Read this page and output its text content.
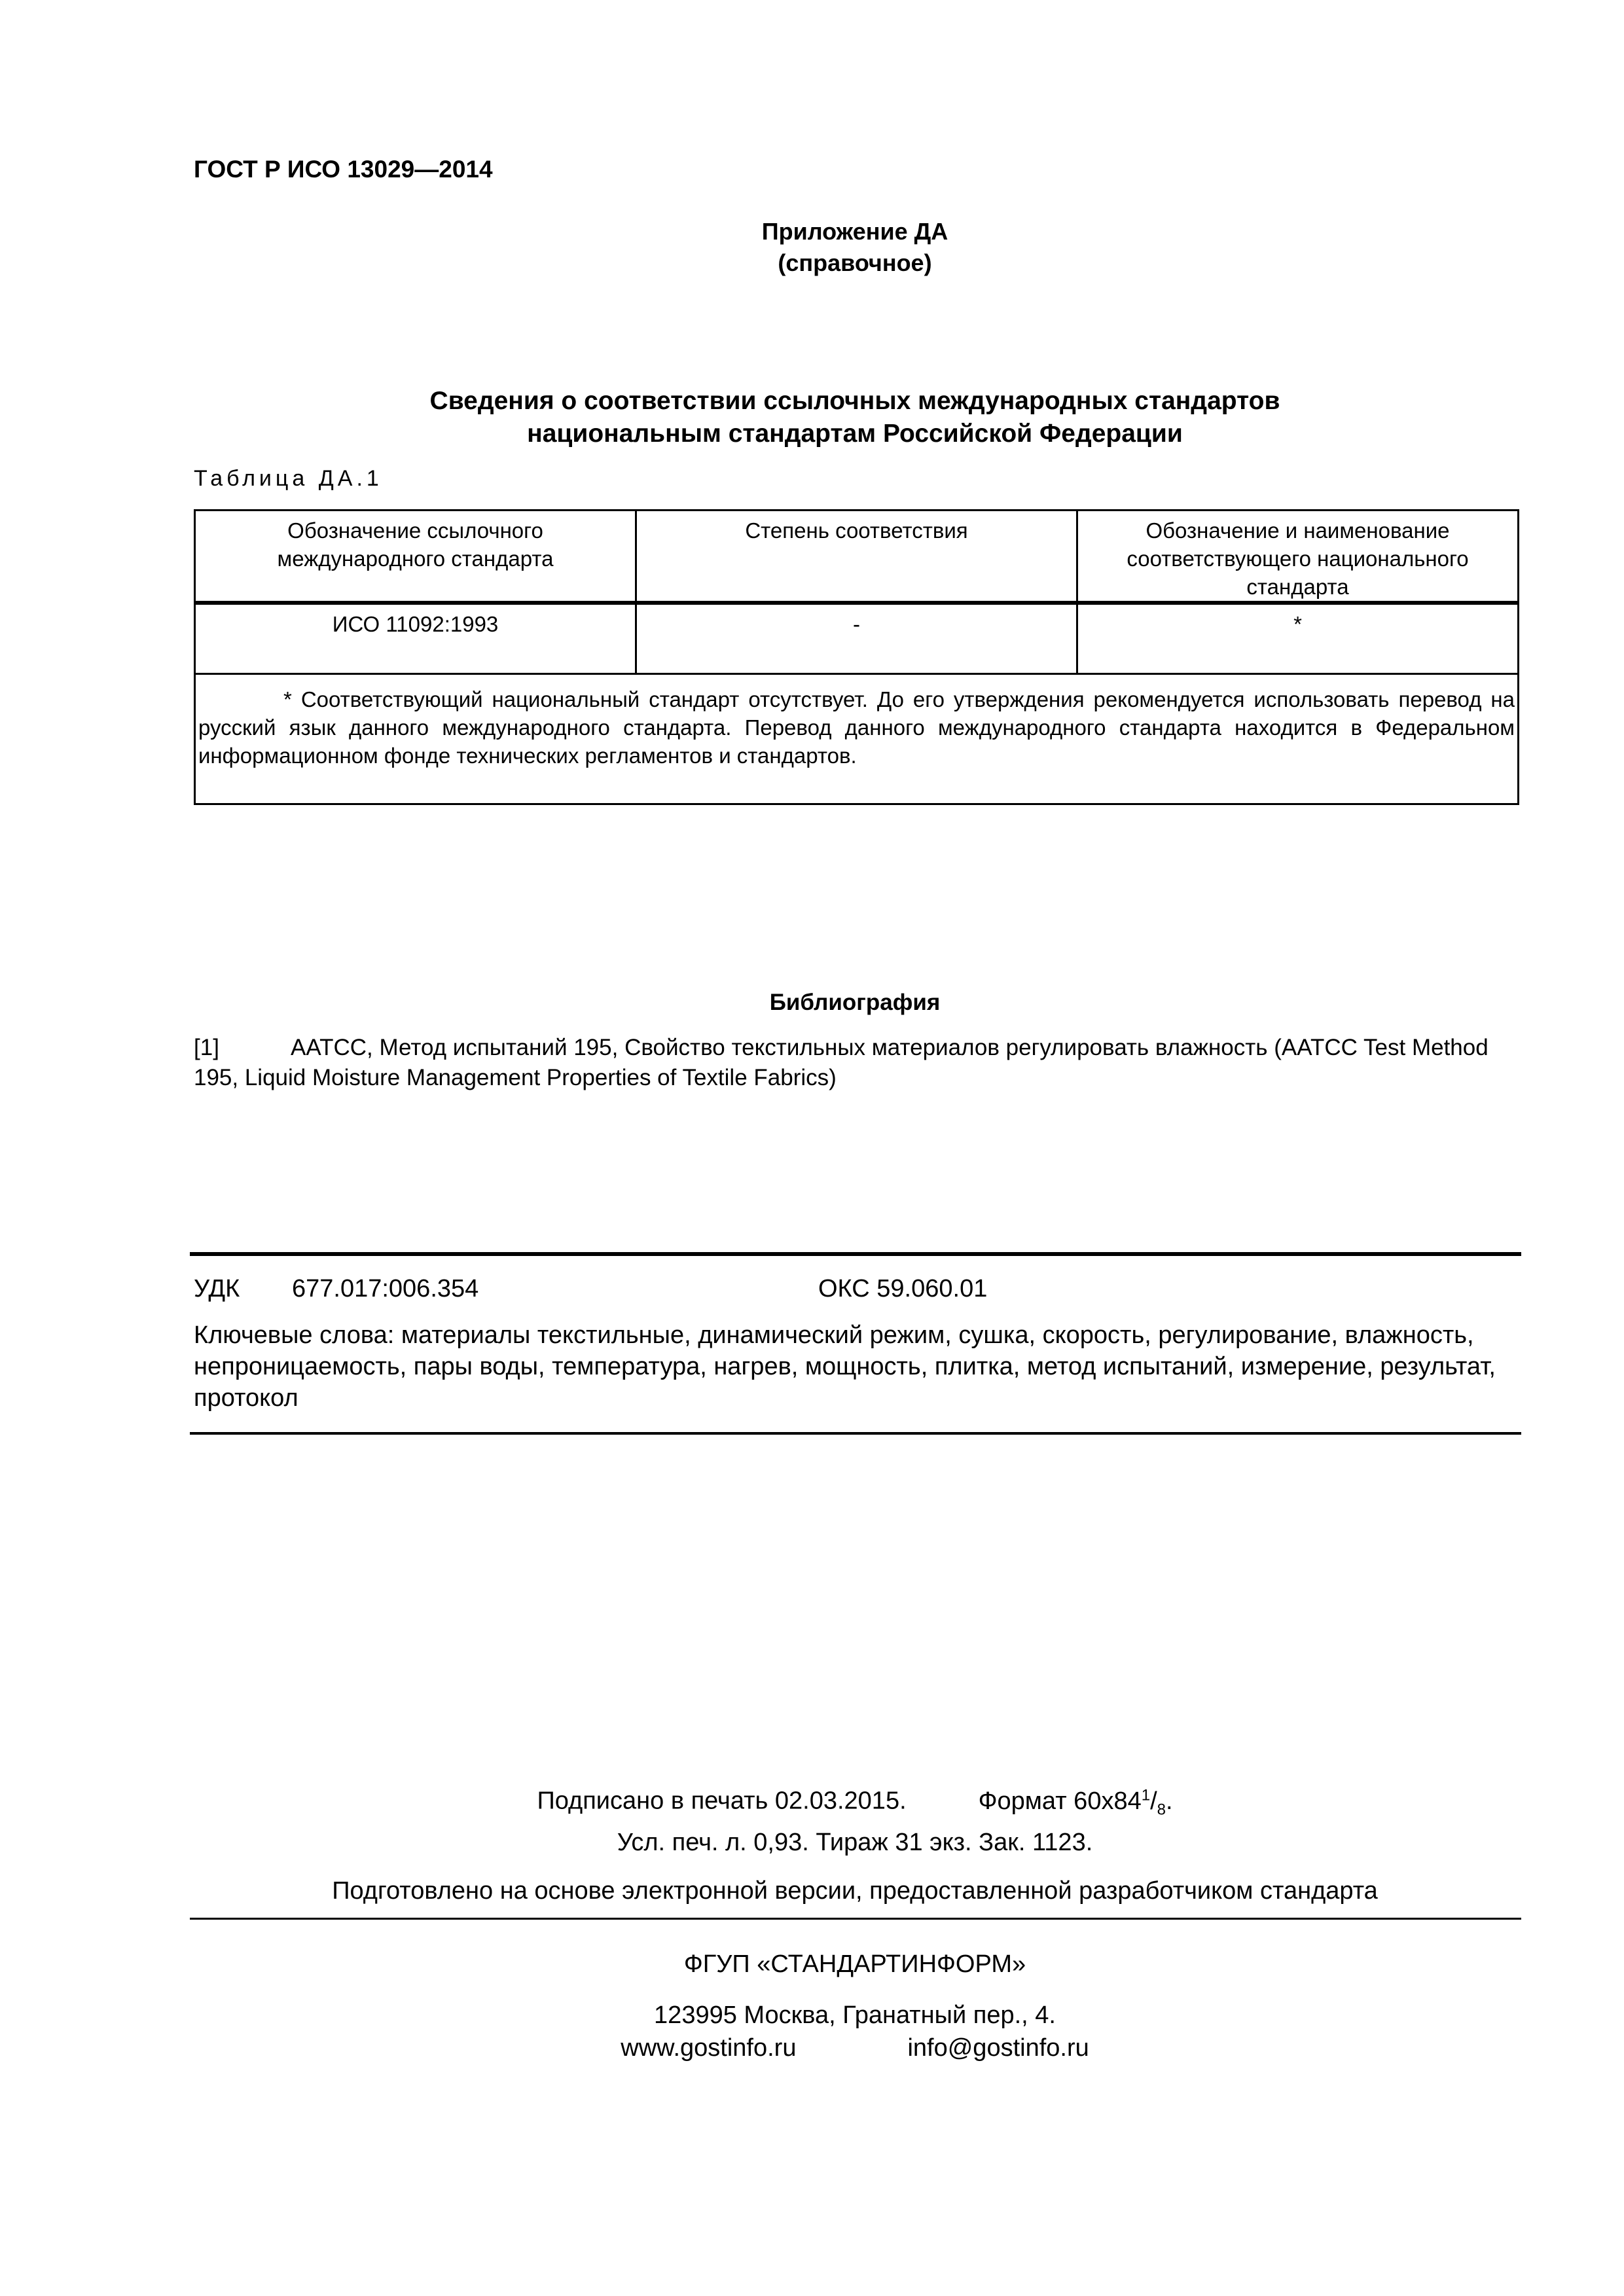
ГОСТ Р ИСО 13029—2014
Приложение ДА
(справочное)
Сведения о соответствии ссылочных международных стандартов
национальным стандартам Российской Федерации
Таблица ДА.1
Обозначение ссылочного международного стандарта	Степень соответствия	Обозначение и наименование соответствующего национального стандарта
ИСО 11092:1993	-	*
* Соответствующий национальный стандарт отсутствует. До его утверждения рекомендуется использовать перевод на русский язык данного международного стандарта. Перевод данного международного стандарта находится в Федеральном информационном фонде технических регламентов и стандартов.		
Библиография
[1]	AATCC, Метод испытаний 195, Свойство текстильных материалов регулировать влажность (AATCC Test Method 195, Liquid Moisture Management Properties of Textile Fabrics)
УДК 677.017:006.354	ОКС 59.060.01
Ключевые слова: материалы текстильные, динамический режим, сушка, скорость, регулирование, влажность, непроницаемость, пары воды, температура, нагрев, мощность, плитка, метод испытаний, измерение, результат, протокол
Подписано в печать 02.03.2015.	Формат $60x84^1/_8$.
Усл. печ. л. 0,93. Тираж 31 экз. Зак. 1123.
Подготовлено на основе электронной версии, предоставленной разработчиком стандарта
ФГУП «СТАНДАРТИНФОРМ»
123995 Москва, Гранатный пер., 4.
www.gostinfo.ru	info@gostinfo.ru
